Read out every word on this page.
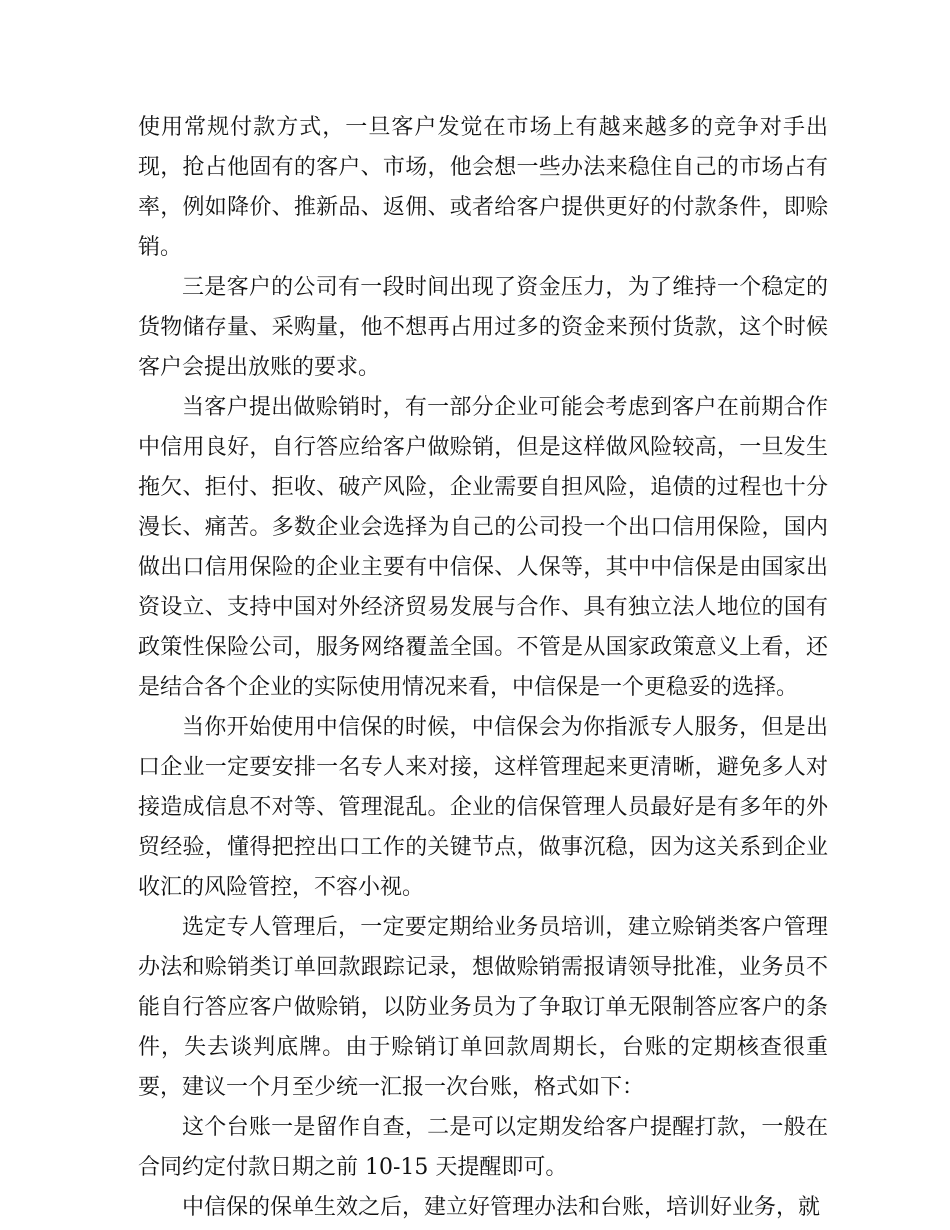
使用常规付款方式，一旦客户发觉在市场上有越来越多的竞争对手出现，抢占他固有的客户、市场，他会想一些办法来稳住自己的市场占有率，例如降价、推新品、返佣、或者给客户提供更好的付款条件，即赊销。

三是客户的公司有一段时间出现了资金压力，为了维持一个稳定的货物储存量、采购量，他不想再占用过多的资金来预付货款，这个时候客户会提出放账的要求。

当客户提出做赊销时，有一部分企业可能会考虑到客户在前期合作中信用良好，自行答应给客户做赊销，但是这样做风险较高，一旦发生拖欠、拒付、拒收、破产风险，企业需要自担风险，追债的过程也十分漫长、痛苦。多数企业会选择为自己的公司投一个出口信用保险，国内做出口信用保险的企业主要有中信保、人保等，其中中信保是由国家出资设立、支持中国对外经济贸易发展与合作、具有独立法人地位的国有政策性保险公司，服务网络覆盖全国。不管是从国家政策意义上看，还是结合各个企业的实际使用情况来看，中信保是一个更稳妥的选择。

当你开始使用中信保的时候，中信保会为你指派专人服务，但是出口企业一定要安排一名专人来对接，这样管理起来更清晰，避免多人对接造成信息不对等、管理混乱。企业的信保管理人员最好是有多年的外贸经验，懂得把控出口工作的关键节点，做事沉稳，因为这关系到企业收汇的风险管控，不容小视。

选定专人管理后，一定要定期给业务员培训，建立赊销类客户管理办法和赊销类订单回款跟踪记录，想做赊销需报请领导批准，业务员不能自行答应客户做赊销，以防业务员为了争取订单无限制答应客户的条件，失去谈判底牌。由于赊销订单回款周期长，台账的定期核查很重要，建议一个月至少统一汇报一次台账，格式如下：

这个台账一是留作自查，二是可以定期发给客户提醒打款，一般在合同约定付款日期之前 10-15 天提醒即可。

中信保的保单生效之后，建立好管理办法和台账，培训好业务，就
